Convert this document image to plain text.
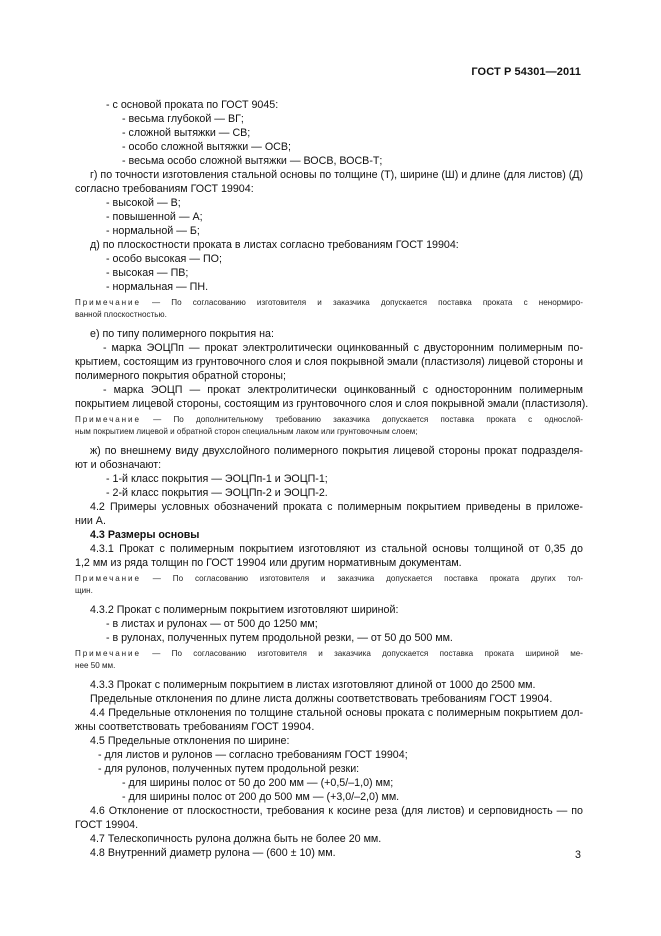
ГОСТ Р 54301—2011
- с основой проката по ГОСТ 9045:
- весьма глубокой — ВГ;
- сложной вытяжки — СВ;
- особо сложной вытяжки — ОСВ;
- весьма особо сложной вытяжки — ВОСВ, ВОСВ-Т;
г) по точности изготовления стальной основы по толщине (Т), ширине (Ш) и длине (для листов) (Д)
согласно требованиям ГОСТ 19904:
- высокой — В;
- повышенной — А;
- нормальной — Б;
д) по плоскостности проката в листах согласно требованиям ГОСТ 19904:
- особо высокая — ПО;
- высокая — ПВ;
- нормальная — ПН.
Примечание — По согласованию изготовителя и заказчика допускается поставка проката с ненормиро-
ванной плоскостностью.
е) по типу полимерного покрытия на:
- марка ЭОЦПп — прокат электролитически оцинкованный с двусторонним полимерным по-
крытием, состоящим из грунтовочного слоя и слоя покрывной эмали (пластизоля) лицевой стороны и
полимерного покрытия обратной стороны;
- марка ЭОЦП — прокат электролитически оцинкованный с односторонним полимерным
покрытием лицевой стороны, состоящим из грунтовочного слоя и слоя покрывной эмали (пластизоля).
Примечание — По дополнительному требованию заказчика допускается поставка проката с однослой-
ным покрытием лицевой и обратной сторон специальным лаком или грунтовочным слоем;
ж) по внешнему виду двухслойного полимерного покрытия лицевой стороны прокат подразделя-
ют и обозначают:
- 1-й класс покрытия — ЭОЦПп-1 и ЭОЦП-1;
- 2-й класс покрытия — ЭОЦПп-2 и ЭОЦП-2.
4.2 Примеры условных обозначений проката с полимерным покрытием приведены в приложе-
нии А.
4.3 Размеры основы
4.3.1 Прокат с полимерным покрытием изготовляют из стальной основы толщиной от 0,35 до
1,2 мм из ряда толщин по ГОСТ 19904 или другим нормативным документам.
Примечание — По согласованию изготовителя и заказчика допускается поставка проката других тол-
щин.
4.3.2 Прокат с полимерным покрытием изготовляют шириной:
- в листах и рулонах — от 500 до 1250 мм;
- в рулонах, полученных путем продольной резки, — от 50 до 500 мм.
Примечание — По согласованию изготовителя и заказчика допускается поставка проката шириной ме-
нее 50 мм.
4.3.3 Прокат с полимерным покрытием в листах изготовляют длиной от 1000 до 2500 мм.
Предельные отклонения по длине листа должны соответствовать требованиям ГОСТ 19904.
4.4 Предельные отклонения по толщине стальной основы проката с полимерным покрытием дол-
жны соответствовать требованиям ГОСТ 19904.
4.5 Предельные отклонения по ширине:
- для листов и рулонов — согласно требованиям ГОСТ 19904;
- для рулонов, полученных путем продольной резки:
- для ширины полос от 50 до 200 мм — (+0,5/–1,0) мм;
- для ширины полос от 200 до 500 мм — (+3,0/–2,0) мм.
4.6 Отклонение от плоскостности, требования к косине реза (для листов) и серповидность — по
ГОСТ 19904.
4.7 Телескопичность рулона должна быть не более 20 мм.
4.8 Внутренний диаметр рулона — (600 ± 10) мм.	3
